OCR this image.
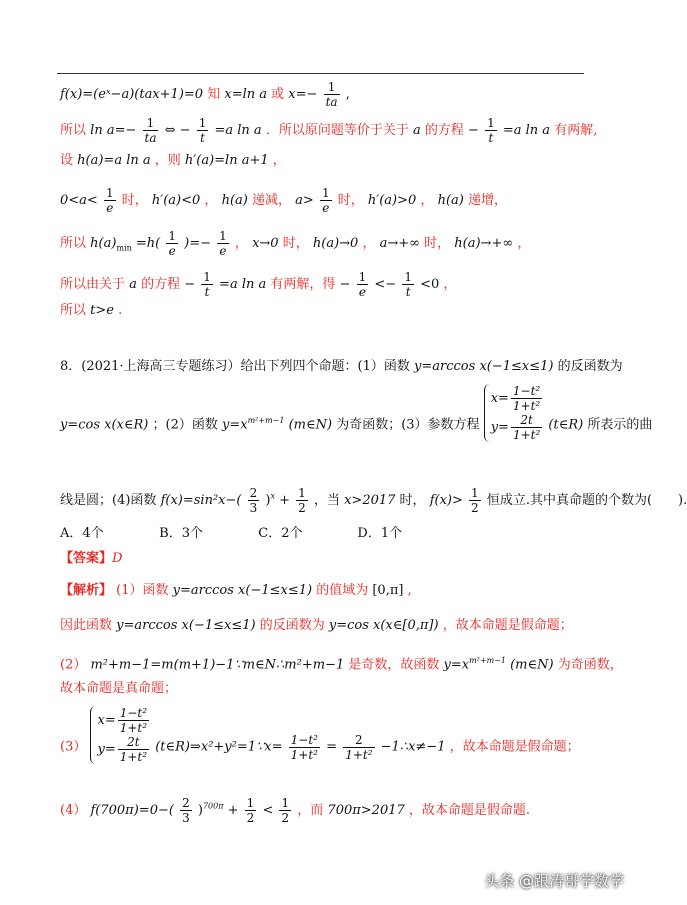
f(x)=(eˣ−a)(tax+1)=0 知 x=ln a 或 $x=- \frac{1}{ta}$ ,
所以 $\ln a=- \frac{1}{ta}$ ⇔ − $\frac{1}{t} =a$ ln a ．所以原问题等价于关于 a 的方程 − $\frac{1}{t} =a$ ln a 有两解,
设 h(a)=a ln a ，则 h′(a)=ln a+1 ，
$0<a< \frac{1}{e}$ 时， h′(a)<0 ， h(a) 递减， $a> \frac{1}{e}$ 时， h′(a)>0 ， h(a) 递增，
所以 $h(a)_{min} =h( \frac{1}{e}$ )=− $\frac{1}{e}$ ， x→0 时， h(a)→0 ， a→+∞ 时， h(a)→+∞ ，
所以由关于 a 的方程 − $\frac{1}{t} =a$ ln a 有两解，得 − $\frac{1}{e} <- \frac{1}{t} <0$ ，
所以 t>e .
8．(2021·上海高三专题练习）给出下列四个命题：(1）函数 y=arccos x(−1≤x≤1) 的反函数为
y=cos x(x∈R) ；(2）函数 $y=x^{m^2+m-1}$ (m∈N) 为奇函数；(3）参数方程
$x= \frac{\text{1−t²}}{\text{1+t²}}$
$y= \frac{2t}{\text{1+t²}}$ (t∈R) 所表示的曲
线是圆；(4)函数 $f(x)=\sin^2x-( \frac{2}{3} )^x + \frac{1}{2}$ ，当 x>2017 时， $f(x)> \frac{1}{2}$ 恒成立.其中真命题的个数为(　　).
A．4个	B．3个	C．2个	D．1个
【答案】D
【解析】 (1）函数 y=arccos x(−1≤x≤1) 的值域为 [0,π] ,
因此函数 y=arccos x(−1≤x≤1) 的反函数为 y=cos x(x∈[0,π]) ，故本命题是假命题；
(2） m²+m−1=m(m+1)−1∵m∈N∴m²+m−1 是奇数，故函数 $y=x^{m^2+m-1}$ (m∈N) 为奇函数，
故本命题是真命题；
(3）
$x= \frac{\text{1−t²}}{\text{1+t²}}$
$y= \frac{2t}{\text{1+t²}}$ (t∈R)⇒x²+y²=1∵x= $\frac{\text{1−t²}}{\text{1+t²}} = \frac{2}{\text{1+t²}}$ −1∴x≠−1 ，故本命题是假命题；
(4） $f(700\pi)=0-( \frac{2}{3} )^{700\pi} + \frac{1}{2} < \frac{1}{2}$ ，而 700π>2017 ，故本命题是假命题.
头条 @跟涛哥学数学
